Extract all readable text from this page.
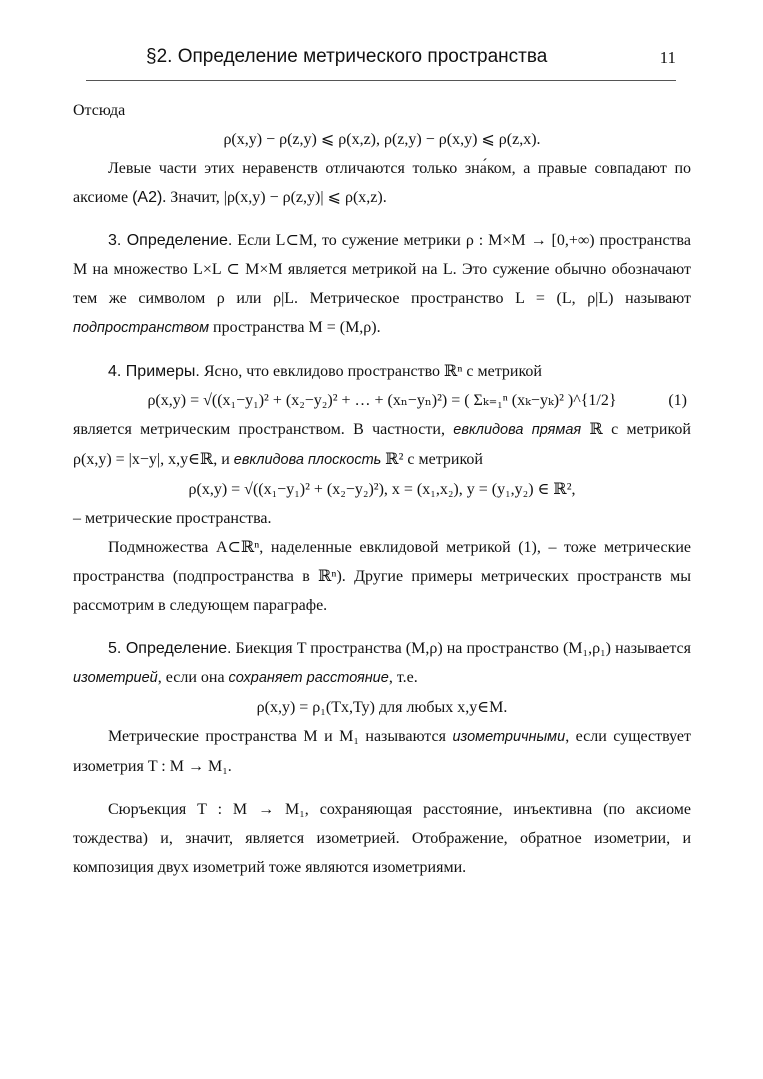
§2. Определение метрического пространства	11

Отсюда

ρ(x,y) − ρ(z,y) ⩽ ρ(x,z), ρ(z,y) − ρ(x,y) ⩽ ρ(z,x).

Левые части этих неравенств отличаются только зна́ком, а правые совпадают по аксиоме (A2). Значит, |ρ(x,y) − ρ(z,y)| ⩽ ρ(x,z).

3. Определение. Если L⊂M, то сужение метрики ρ : M×M → [0,+∞) пространства M на множество L×L ⊂ M×M является метрикой на L. Это сужение обычно обозначают тем же символом ρ или ρ|L. Метрическое пространство L = (L, ρ|L) называют подпространством пространства M = (M,ρ).

4. Примеры. Ясно, что евклидово пространство ℝⁿ с метрикой

ρ(x,y) = √((x₁−y₁)² + (x₂−y₂)² + … + (xₙ−yₙ)²) = ( Σₖ₌₁ⁿ (xₖ−yₖ)² )^{1/2}	(1)

является метрическим пространством. В частности, евклидова прямая ℝ с метрикой ρ(x,y) = |x−y|, x,y∈ℝ, и евклидова плоскость ℝ² с метрикой

ρ(x,y) = √((x₁−y₁)² + (x₂−y₂)²), x = (x₁,x₂), y = (y₁,y₂) ∈ ℝ²,

– метрические пространства.

Подмножества A⊂ℝⁿ, наделенные евклидовой метрикой (1), – тоже метрические пространства (подпространства в ℝⁿ). Другие примеры метрических пространств мы рассмотрим в следующем параграфе.

5. Определение. Биекция T пространства (M,ρ) на пространство (M₁,ρ₁) называется изометрией, если она сохраняет расстояние, т.е.

ρ(x,y) = ρ₁(Tx,Ty) для любых x,y∈M.

Метрические пространства M и M₁ называются изометричными, если существует изометрия T : M → M₁.

Сюръекция T : M → M₁, сохраняющая расстояние, инъективна (по аксиоме тождества) и, значит, является изометрией. Отображение, обратное изометрии, и композиция двух изометрий тоже являются изометриями.
